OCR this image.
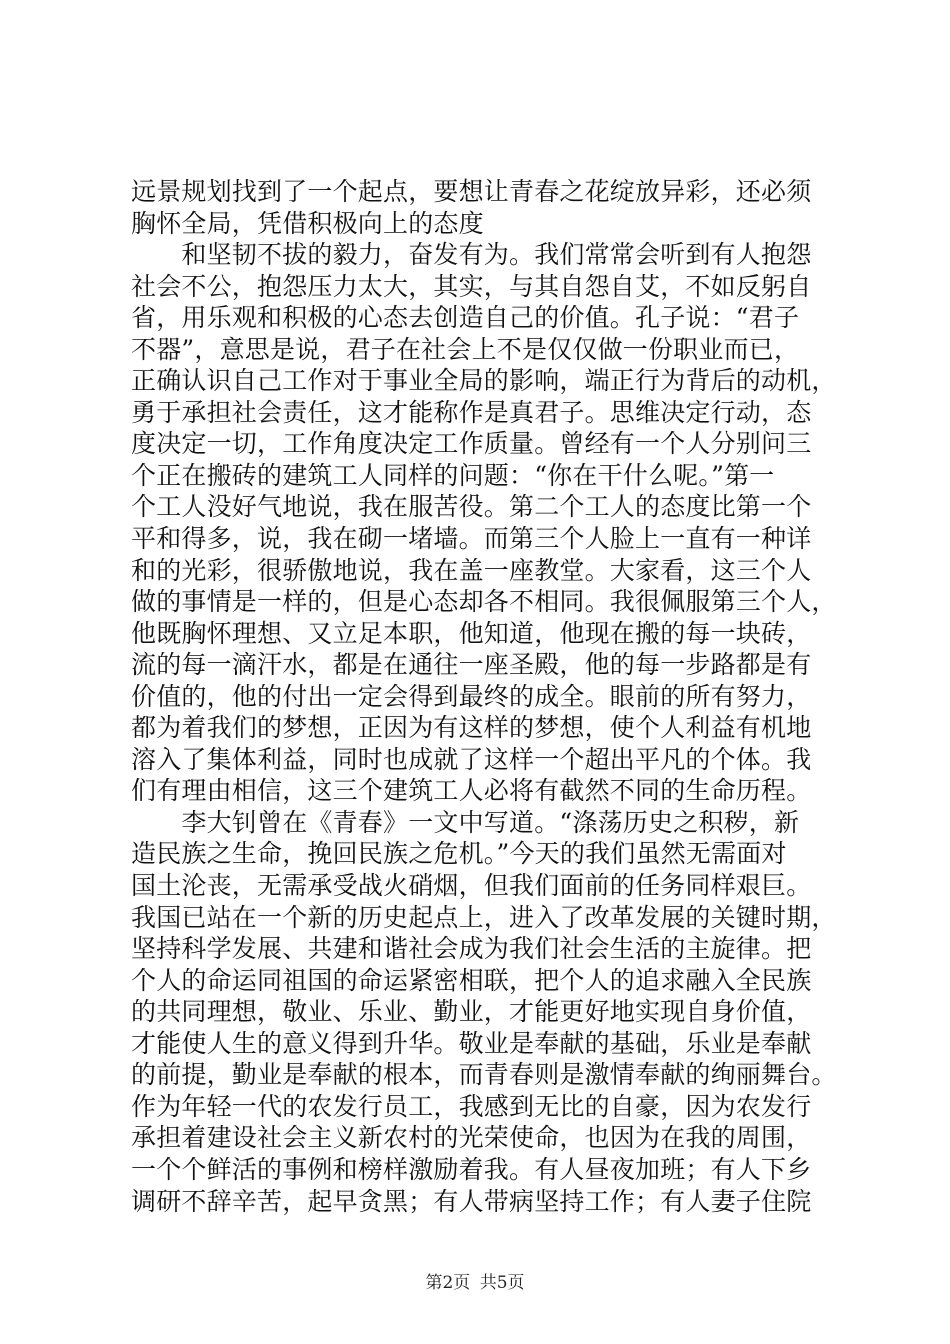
远景规划找到了一个起点，要想让青春之花绽放异彩，还必须
胸怀全局，凭借积极向上的态度
　　和坚韧不拔的毅力，奋发有为。我们常常会听到有人抱怨
社会不公，抱怨压力太大，其实，与其自怨自艾，不如反躬自
省，用乐观和积极的心态去创造自己的价值。孔子说：“君子
不器”，意思是说，君子在社会上不是仅仅做一份职业而已，
正确认识自己工作对于事业全局的影响，端正行为背后的动机，
勇于承担社会责任，这才能称作是真君子。思维决定行动，态
度决定一切，工作角度决定工作质量。曾经有一个人分别问三
个正在搬砖的建筑工人同样的问题：“你在干什么呢。”第一
个工人没好气地说，我在服苦役。第二个工人的态度比第一个
平和得多，说，我在砌一堵墙。而第三个人脸上一直有一种详
和的光彩，很骄傲地说，我在盖一座教堂。大家看，这三个人
做的事情是一样的，但是心态却各不相同。我很佩服第三个人，
他既胸怀理想、又立足本职，他知道，他现在搬的每一块砖，
流的每一滴汗水，都是在通往一座圣殿，他的每一步路都是有
价值的，他的付出一定会得到最终的成全。眼前的所有努力，
都为着我们的梦想，正因为有这样的梦想，使个人利益有机地
溶入了集体利益，同时也成就了这样一个超出平凡的个体。我
们有理由相信，这三个建筑工人必将有截然不同的生命历程。
　　李大钊曾在《青春》一文中写道。“涤荡历史之积秽，新
造民族之生命，挽回民族之危机。”今天的我们虽然无需面对
国土沦丧，无需承受战火硝烟，但我们面前的任务同样艰巨。
我国已站在一个新的历史起点上，进入了改革发展的关键时期，
坚持科学发展、共建和谐社会成为我们社会生活的主旋律。把
个人的命运同祖国的命运紧密相联，把个人的追求融入全民族
的共同理想，敬业、乐业、勤业，才能更好地实现自身价值，
才能使人生的意义得到升华。敬业是奉献的基础，乐业是奉献
的前提，勤业是奉献的根本，而青春则是激情奉献的绚丽舞台。
作为年轻一代的农发行员工，我感到无比的自豪，因为农发行
承担着建设社会主义新农村的光荣使命，也因为在我的周围，
一个个鲜活的事例和榜样激励着我。有人昼夜加班；有人下乡
调研不辞辛苦，起早贪黑；有人带病坚持工作；有人妻子住院
第2页 共5页
